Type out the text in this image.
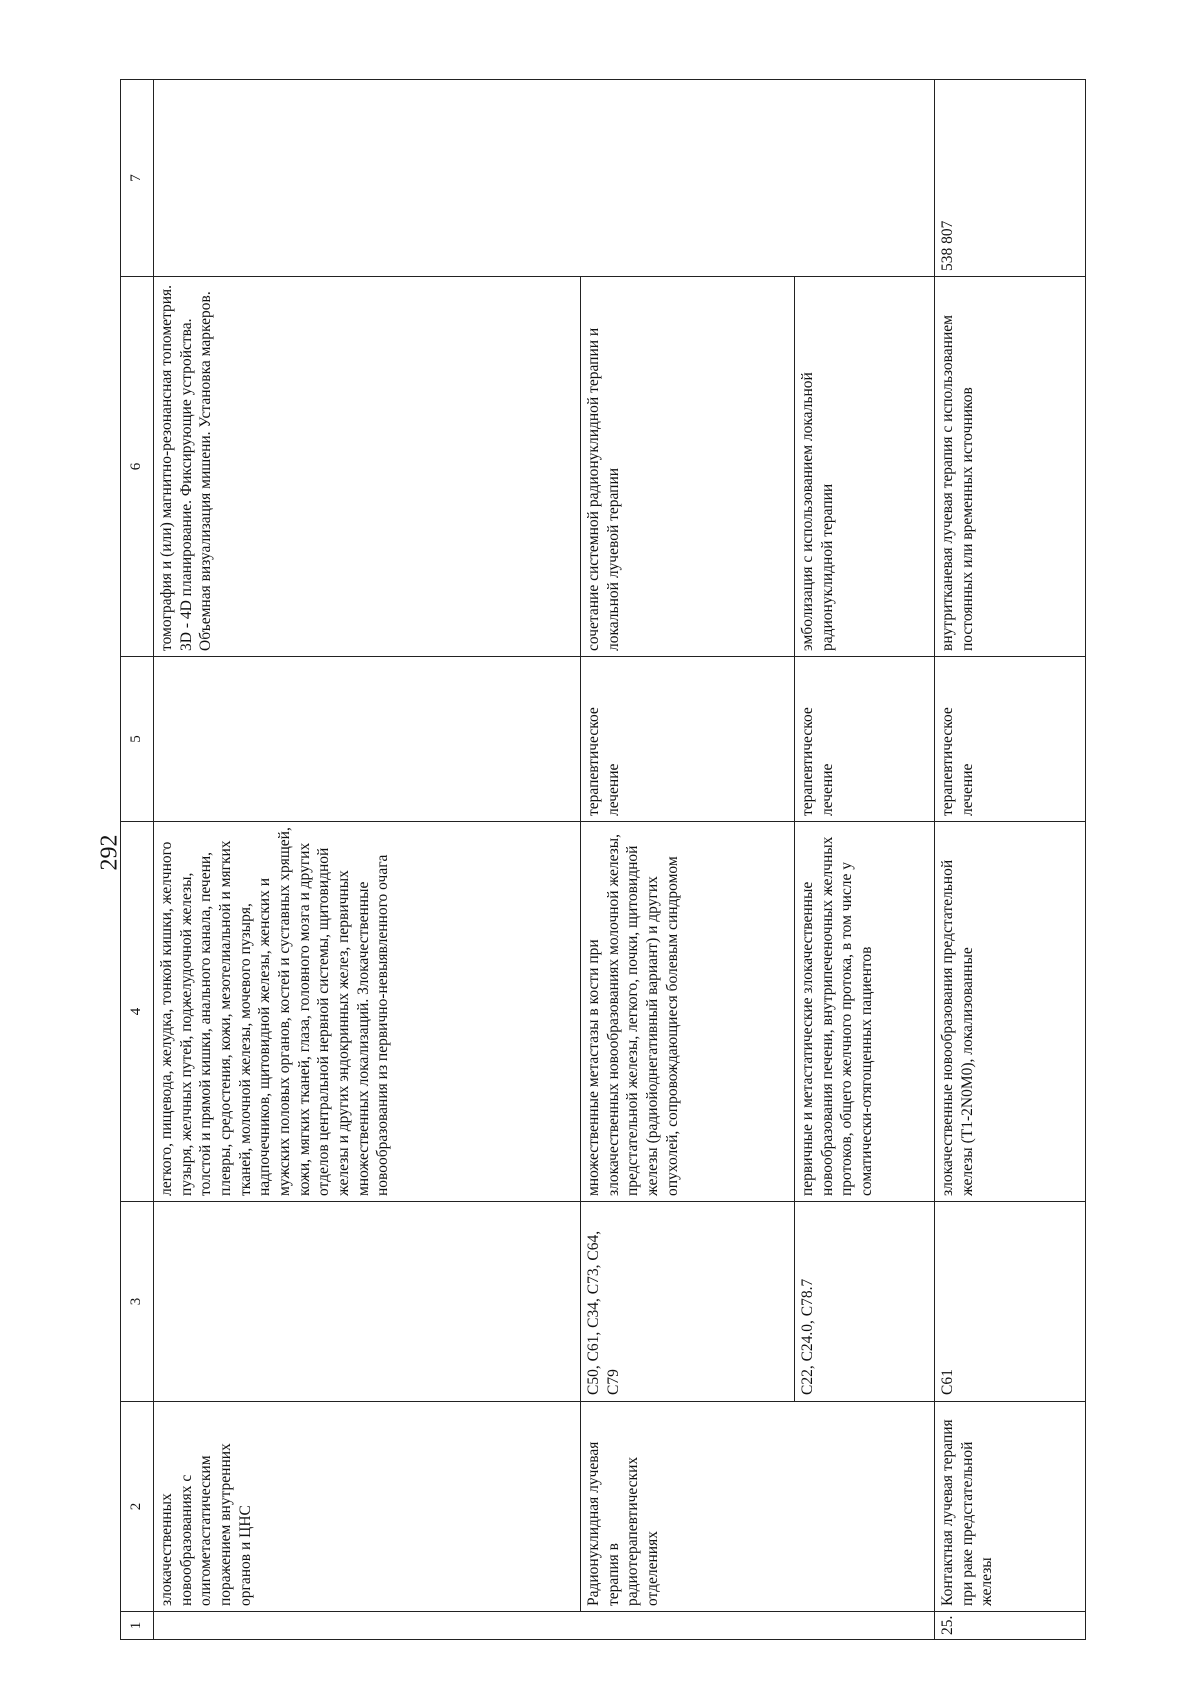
292
1	2	3	4	5	6	7
	злокачественных новообразованиях с олигометастатическим поражением внутренних органов и ЦНС		легкого, пищевода, желудка, тонкой кишки, желчного пузыря, желчных путей, поджелудочной железы, толстой и прямой кишки, анального канала, печени, плевры, средостения, кожи, мезотелиальной и мягких тканей, молочной железы, мочевого пузыря, надпочечников, щитовидной железы, женских и мужских половых органов, костей и суставных хрящей, кожи, мягких тканей, глаза, головного мозга и других отделов центральной нервной системы, щитовидной железы и других эндокринных желез, первичных множественных локализаций. Злокачественные новообразования из первично-невыявленного очага		томография и (или) магнитно-резонансная топометрия. 3D - 4D планирование. Фиксирующие устройства. Объемная визуализация мишени. Установка маркеров.	
	Радионуклидная лучевая терапия в радиотерапевтических отделениях	C50, C61, C34, C73, C64, C79	множественные метастазы в кости при злокачественных новообразованиях молочной железы, предстательной железы, легкого, почки, щитовидной железы (радиойоднегативный вариант) и других опухолей, сопровождающиеся болевым синдромом	терапевтическое лечение	сочетание системной радионуклидной терапии и локальной лучевой терапии	
		C22, C24.0, C78.7	первичные и метастатические злокачественные новообразования печени, внутрипеченочных желчных протоков, общего желчного протока, в том числе у соматически-отягощенных пациентов	терапевтическое лечение	эмболизация с использованием локальной радионуклидной терапии	
25.	Контактная лучевая терапия при раке предстательной железы	C61	злокачественные новообразования предстательной железы (T1-2N0M0), локализованные	терапевтическое лечение	внутритканевая лучевая терапия с использованием постоянных или временных источников	538 807
